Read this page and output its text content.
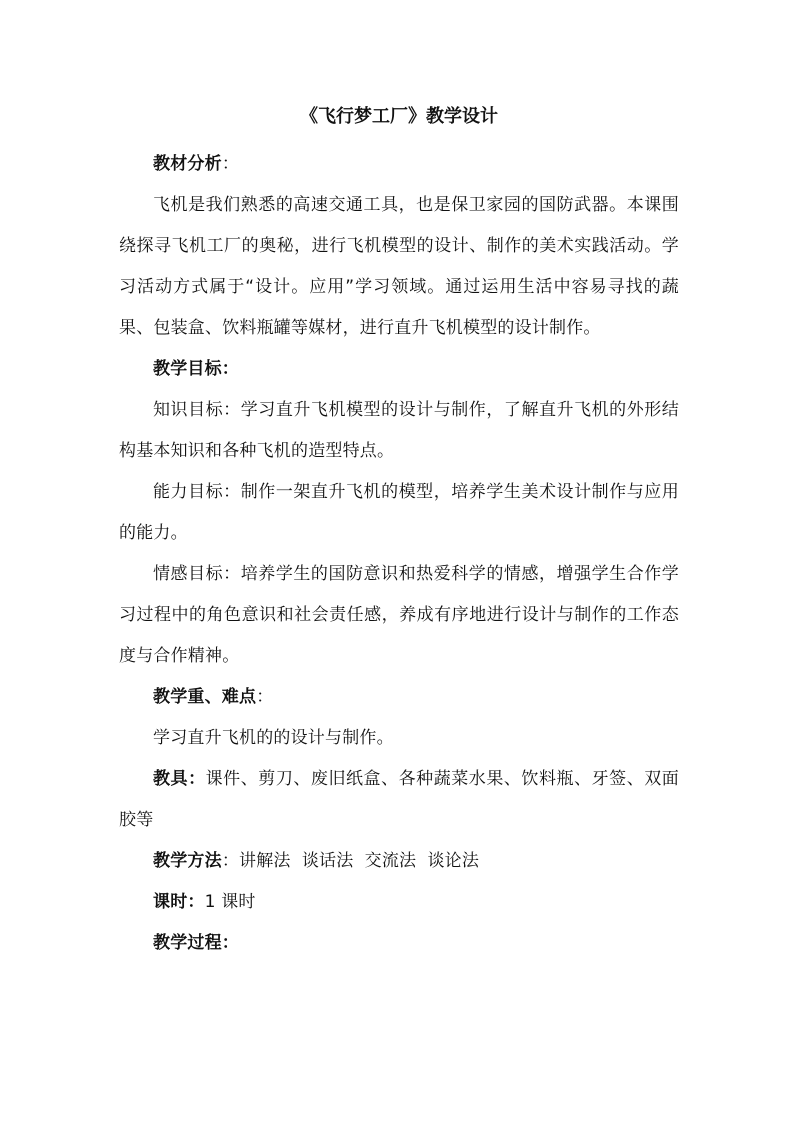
《飞行梦工厂》教学设计

教材分析：

飞机是我们熟悉的高速交通工具，也是保卫家园的国防武器。本课围绕探寻飞机工厂的奥秘，进行飞机模型的设计、制作的美术实践活动。学习活动方式属于“设计。应用”学习领域。通过运用生活中容易寻找的蔬果、包装盒、饮料瓶罐等媒材，进行直升飞机模型的设计制作。

教学目标：

知识目标：学习直升飞机模型的设计与制作，了解直升飞机的外形结构基本知识和各种飞机的造型特点。

能力目标：制作一架直升飞机的模型，培养学生美术设计制作与应用的能力。

情感目标：培养学生的国防意识和热爱科学的情感，增强学生合作学习过程中的角色意识和社会责任感，养成有序地进行设计与制作的工作态度与合作精神。

教学重、难点：

学习直升飞机的的设计与制作。

教具：课件、剪刀、废旧纸盒、各种蔬菜水果、饮料瓶、牙签、双面胶等

教学方法：讲解法  谈话法  交流法  谈论法

课时：1 课时

教学过程：
